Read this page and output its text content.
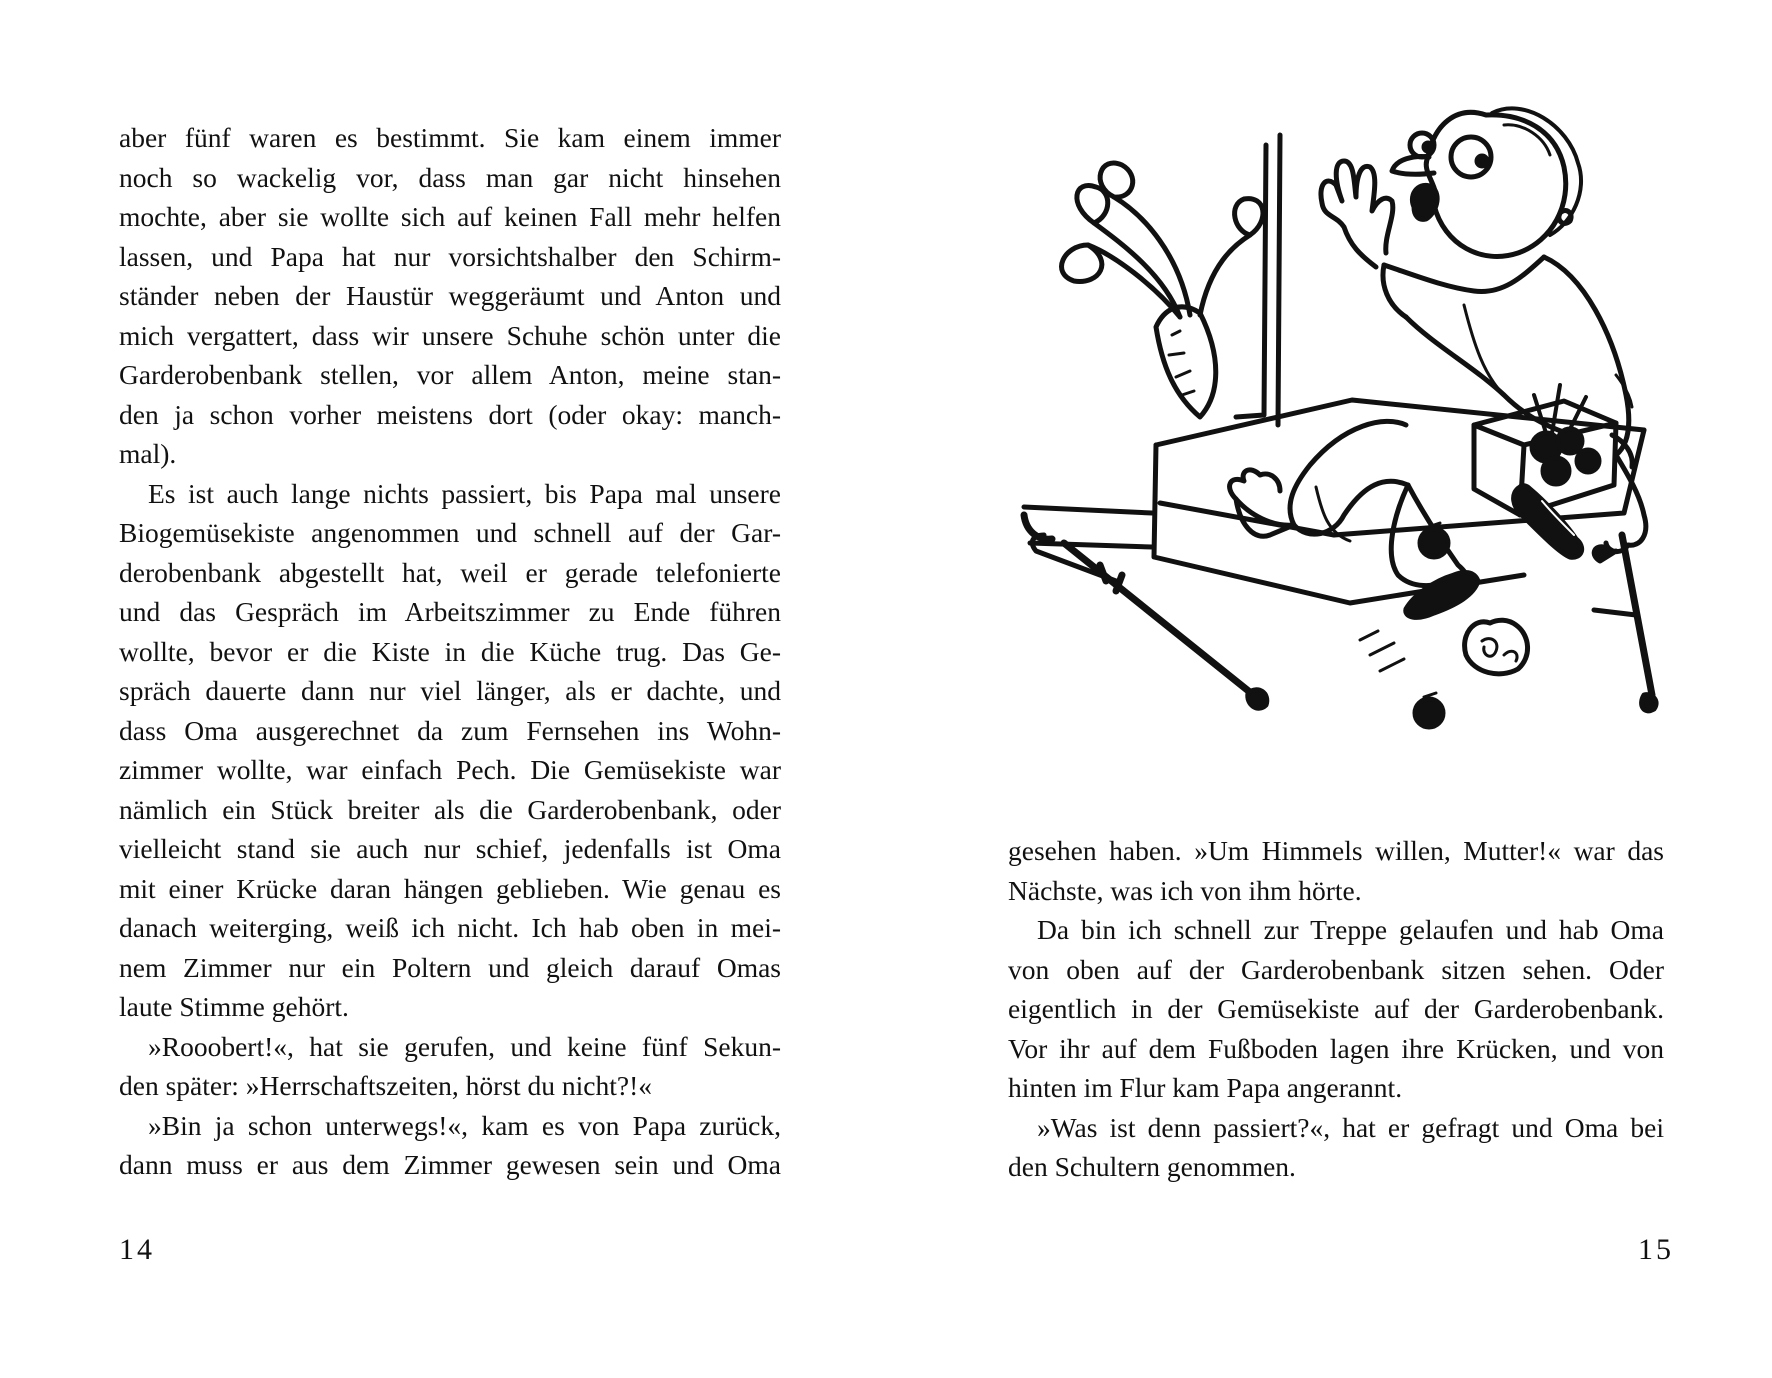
aber fünf waren es bestimmt. Sie kam einem immer
noch so wackelig vor, dass man gar nicht hinsehen
mochte, aber sie wollte sich auf keinen Fall mehr helfen
lassen, und Papa hat nur vorsichtshalber den Schirm-
ständer neben der Haustür weggeräumt und Anton und
mich vergattert, dass wir unsere Schuhe schön unter die
Garderobenbank stellen, vor allem Anton, meine stan-
den ja schon vorher meistens dort (oder okay: manch-
mal).
Es ist auch lange nichts passiert, bis Papa mal unsere
Biogemüsekiste angenommen und schnell auf der Gar-
derobenbank abgestellt hat, weil er gerade telefonierte
und das Gespräch im Arbeitszimmer zu Ende führen
wollte, bevor er die Kiste in die Küche trug. Das Ge-
spräch dauerte dann nur viel länger, als er dachte, und
dass Oma ausgerechnet da zum Fernsehen ins Wohn-
zimmer wollte, war einfach Pech. Die Gemüsekiste war
nämlich ein Stück breiter als die Garderobenbank, oder
vielleicht stand sie auch nur schief, jedenfalls ist Oma
mit einer Krücke daran hängen geblieben. Wie genau es
danach weiterging, weiß ich nicht. Ich hab oben in mei-
nem Zimmer nur ein Poltern und gleich darauf Omas
laute Stimme gehört.
»Rooobert!«, hat sie gerufen, und keine fünf Sekun-
den später: »Herrschaftszeiten, hörst du nicht?!«
»Bin ja schon unterwegs!«, kam es von Papa zurück,
dann muss er aus dem Zimmer gewesen sein und Oma
14
gesehen haben. »Um Himmels willen, Mutter!« war das
Nächste, was ich von ihm hörte.
Da bin ich schnell zur Treppe gelaufen und hab Oma
von oben auf der Garderobenbank sitzen sehen. Oder
eigentlich in der Gemüsekiste auf der Garderobenbank.
Vor ihr auf dem Fußboden lagen ihre Krücken, und von
hinten im Flur kam Papa angerannt.
»Was ist denn passiert?«, hat er gefragt und Oma bei
den Schultern genommen.
15
